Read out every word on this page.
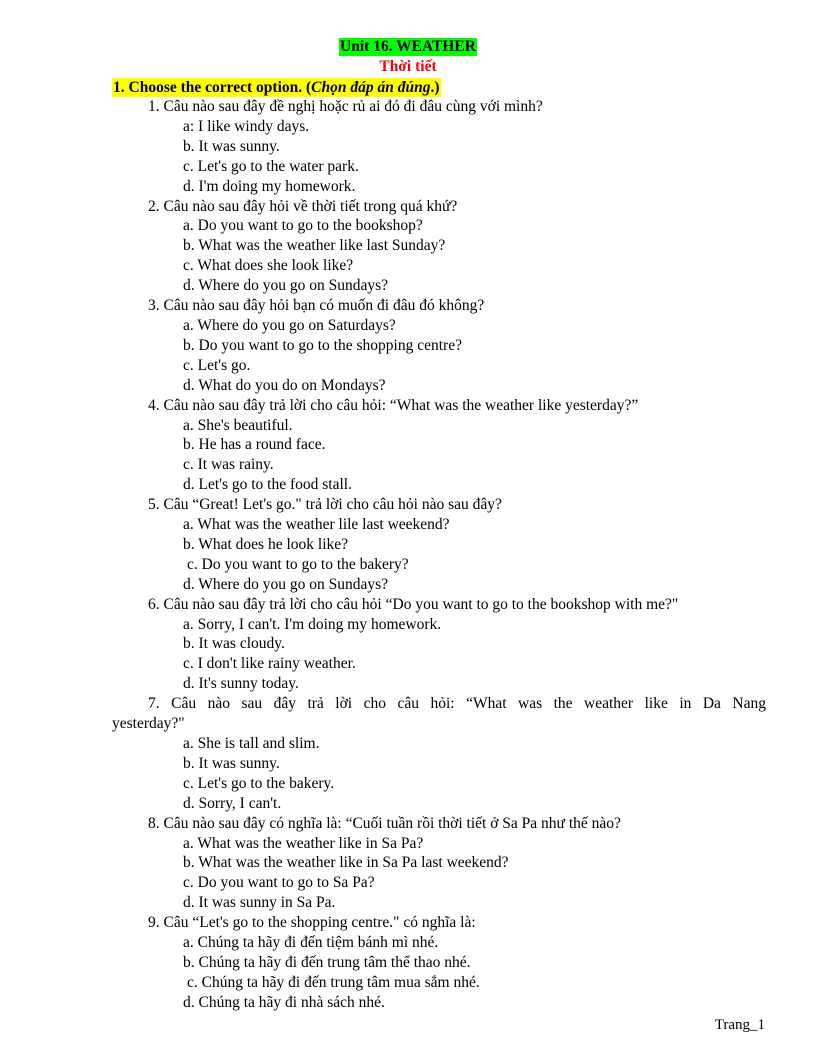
Unit 16. WEATHER
Thời tiết
1. Choose the correct option. (Chọn đáp án đúng.)
1. Câu nào sau đây đề nghị hoặc rủ ai đó đi đâu cùng với mình?
a: I like windy days.
b. It was sunny.
c. Let's go to the water park.
d. I'm doing my homework.
2. Câu nào sau đây hỏi về thời tiết trong quá khứ?
a. Do you want to go to the bookshop?
b. What was the weather like last Sunday?
c. What does she look like?
d. Where do you go on Sundays?
3. Câu nào sau đây hỏi bạn có muốn đi đâu đó không?
a. Where do you go on Saturdays?
b. Do you want to go to the shopping centre?
c. Let's go.
d. What do you do on Mondays?
4. Câu nào sau đây trả lời cho câu hỏi: “What was the weather like yesterday?”
a. She's beautiful.
b. He has a round face.
c. It was rainy.
d. Let's go to the food stall.
5. Câu “Great! Let's go." trả lời cho câu hỏi nào sau đây?
a. What was the weather lile last weekend?
b. What does he look like?
c. Do you want to go to the bakery?
d. Where do you go on Sundays?
6. Câu nào sau đây trả lời cho câu hỏi “Do you want to go to the bookshop with me?"
a. Sorry, I can't. I'm doing my homework.
b. It was cloudy.
c. I don't like rainy weather.
d. It's sunny today.
7. Câu nào sau đây trả lời cho câu hỏi: “What was the weather like in Da Nang
yesterday?"
a. She is tall and slim.
b. It was sunny.
c. Let's go to the bakery.
d. Sorry, I can't.
8. Câu nào sau đây có nghĩa là: “Cuối tuần rồi thời tiết ở Sa Pa như thế nào?
a. What was the weather like in Sa Pa?
b. What was the weather like in Sa Pa last weekend?
c. Do you want to go to Sa Pa?
d. It was sunny in Sa Pa.
9. Câu “Let's go to the shopping centre." có nghĩa là:
a. Chúng ta hãy đi đến tiệm bánh mì nhé.
b. Chúng ta hãy đi đến trung tâm thể thao nhé.
c. Chúng ta hãy đi đến trung tâm mua sắm nhé.
d. Chúng ta hãy đi nhà sách nhé.
Trang_1
